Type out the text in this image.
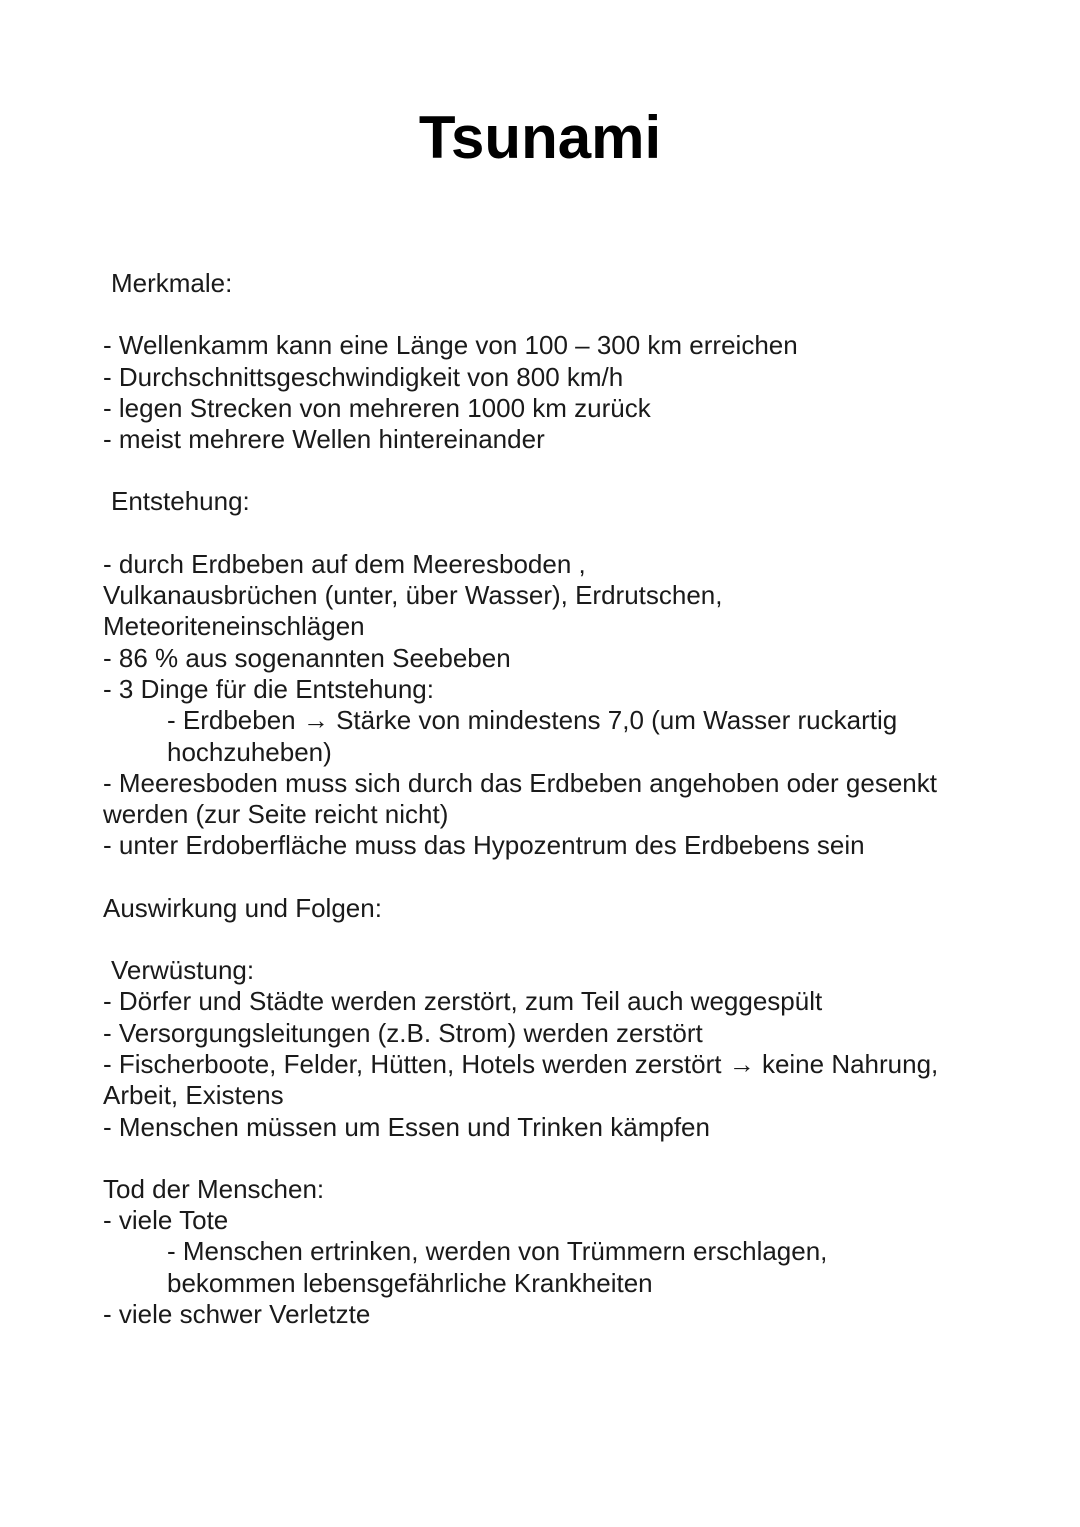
Tsunami
Merkmale:
- Wellenkamm kann eine Länge von 100 – 300 km erreichen
- Durchschnittsgeschwindigkeit von 800 km/h
- legen Strecken von mehreren 1000 km zurück
- meist mehrere Wellen hintereinander
Entstehung:
- durch Erdbeben auf dem Meeresboden ,
Vulkanausbrüchen (unter, über Wasser), Erdrutschen,
Meteoriteneinschlägen
- 86 % aus sogenannten Seebeben
- 3 Dinge für die Entstehung:
- Erdbeben → Stärke von mindestens 7,0 (um Wasser ruckartig
hochzuheben)
- Meeresboden muss sich durch das Erdbeben angehoben oder gesenkt
werden (zur Seite reicht nicht)
- unter Erdoberfläche muss das Hypozentrum des Erdbebens sein
Auswirkung und Folgen:
Verwüstung:
- Dörfer und Städte werden zerstört, zum Teil auch weggespült
- Versorgungsleitungen (z.B. Strom) werden zerstört
- Fischerboote, Felder, Hütten, Hotels werden zerstört → keine Nahrung,
Arbeit, Existens
- Menschen müssen um Essen und Trinken kämpfen
Tod der Menschen:
- viele Tote
- Menschen ertrinken, werden von Trümmern erschlagen,
bekommen lebensgefährliche Krankheiten
- viele schwer Verletzte
